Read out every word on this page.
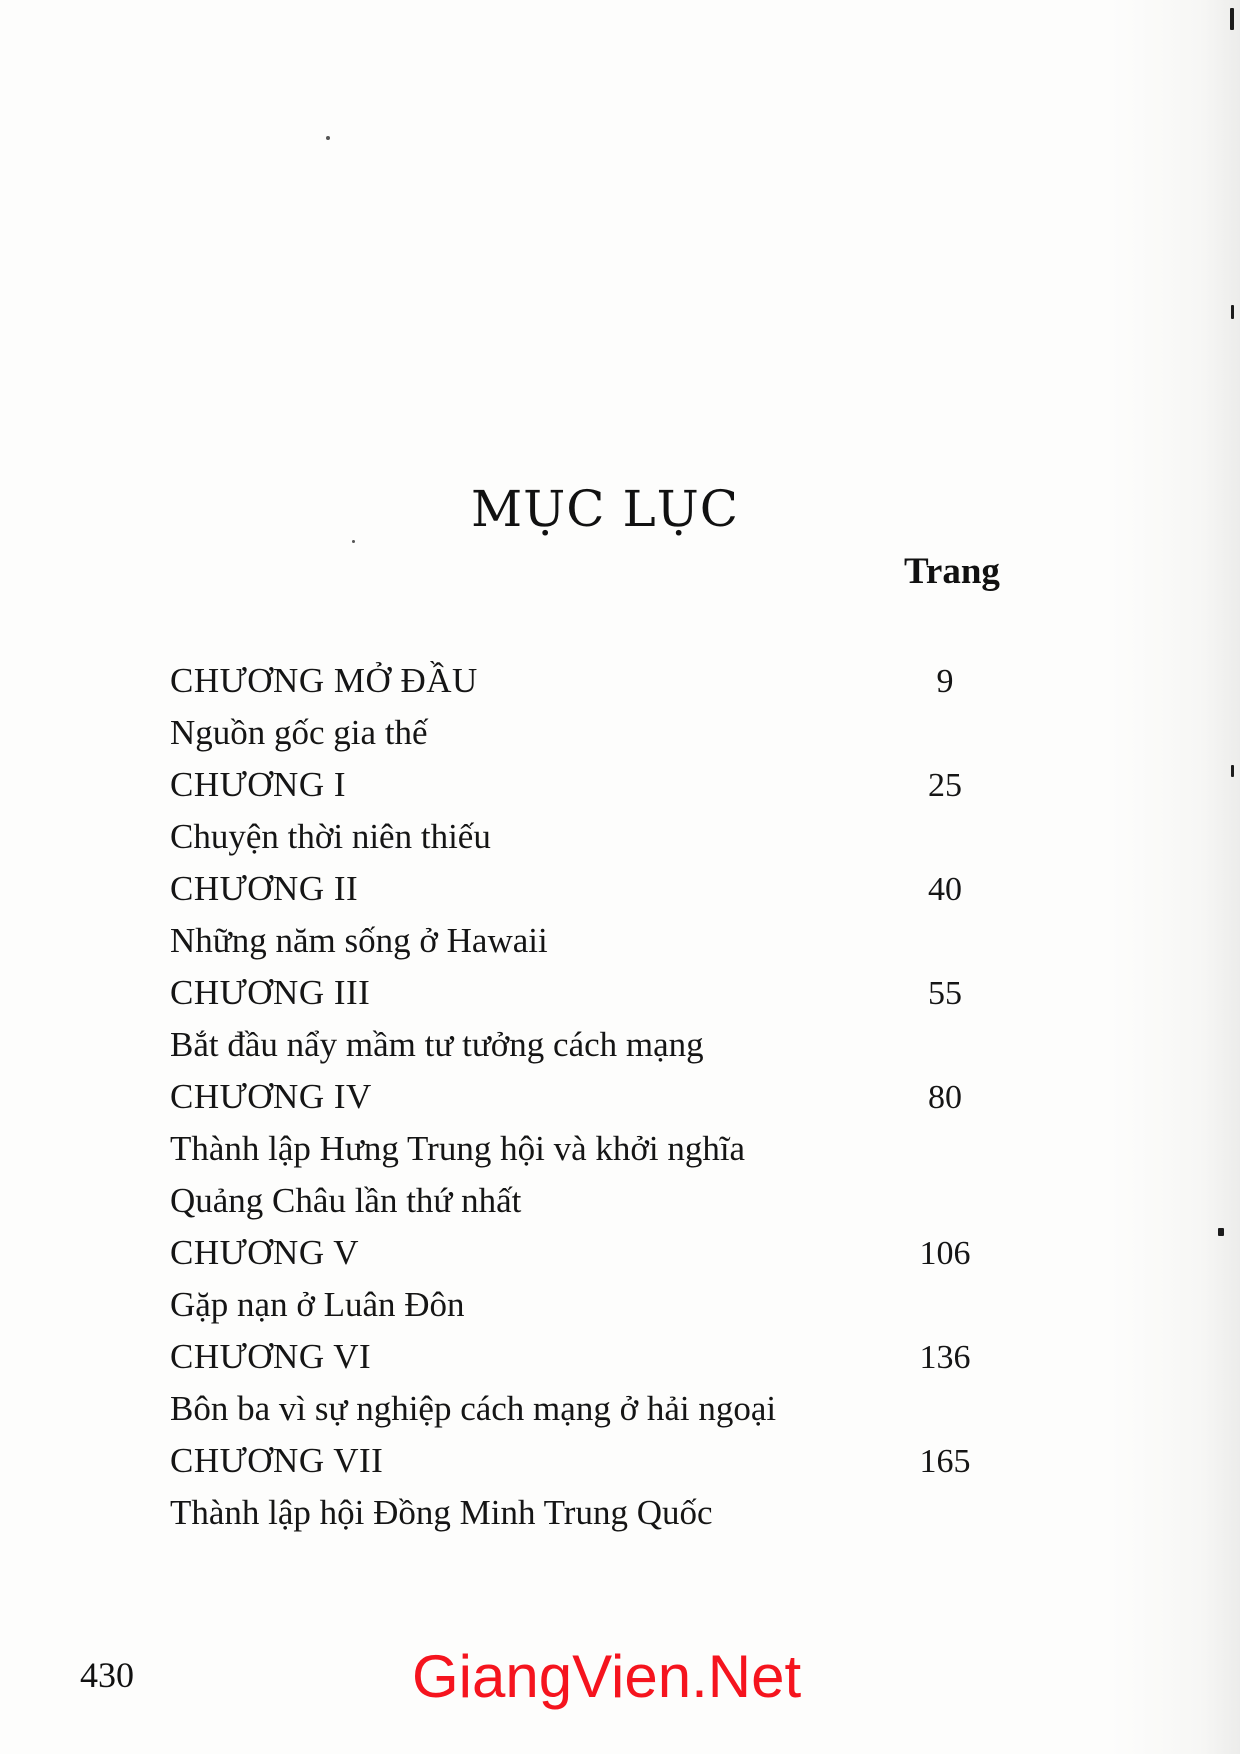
MỤC LỤC
Trang
CHƯƠNG MỞ ĐẦU	9
Nguồn gốc gia thế
CHƯƠNG I	25
Chuyện thời niên thiếu
CHƯƠNG II	40
Những năm sống ở Hawaii
CHƯƠNG III	55
Bắt đầu nẩy mầm tư tưởng cách mạng
CHƯƠNG IV	80
Thành lập Hưng Trung hội và khởi nghĩa
Quảng Châu lần thứ nhất
CHƯƠNG V	106
Gặp nạn ở Luân Đôn
CHƯƠNG VI	136
Bôn ba vì sự nghiệp cách mạng ở hải ngoại
CHƯƠNG VII	165
Thành lập hội Đồng Minh Trung Quốc
430	GiangVien.Net
